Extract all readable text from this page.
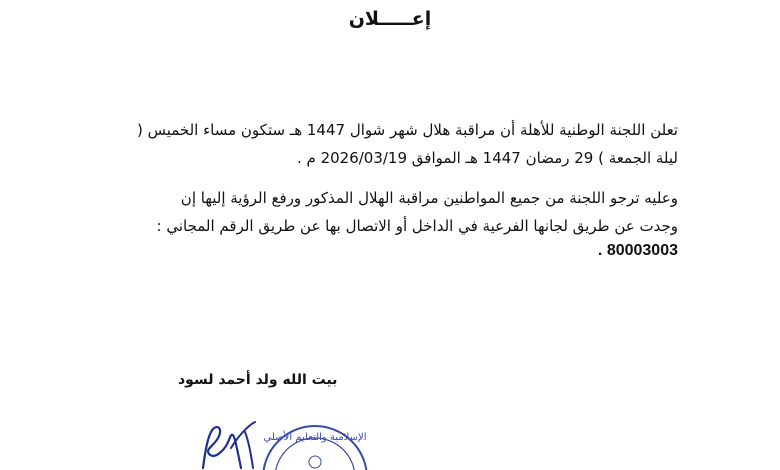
إعـــــلان
تعلن اللجنة الوطنية للأهلة أن مراقبة هلال شهر شوال 1447 هـ ستكون مساء الخميس (
ليلة الجمعة ) 29 رمضان 1447 هـ الموافق 2026/03/19 م .
وعليه ترجو اللجنة من جميع المواطنين مراقبة الهلال المذكور ورفع الرؤية إليها إن
وجدت عن طريق لجانها الفرعية في الداخل أو الاتصال بها عن طريق الرقم المجاني :
80003003 .
بيت الله ولد أحمد لسود
الإسلامية والتعليم الأصلي
